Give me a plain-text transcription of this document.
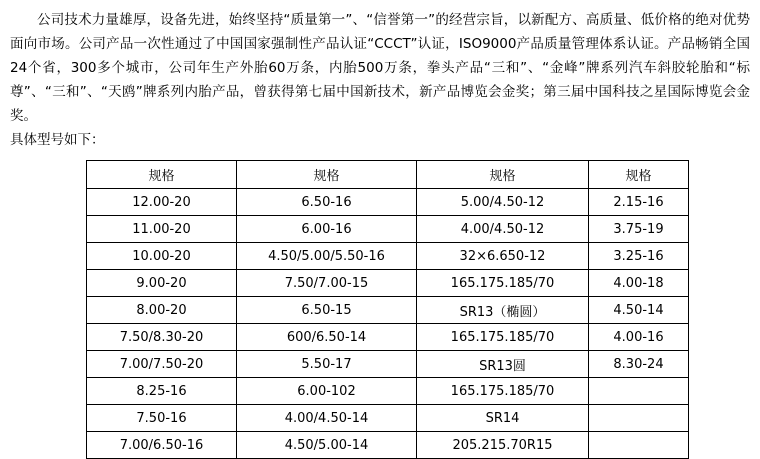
公司技术力量雄厚，设备先进，始终坚持“质量第一”、“信誉第一”的经营宗旨，以新配方、高质量、低价格的绝对优势面向市场。公司产品一次性通过了中国国家强制性产品认证“CCCT”认证，ISO9000产品质量管理体系认证。产品畅销全国24个省，300多个城市，公司年生产外胎60万条，内胎500万条，拳头产品“三和”、“金峰”牌系列汽车斜胶轮胎和“标尊”、“三和”、“天鸥”牌系列内胎产品，曾获得第七届中国新技术，新产品博览会金奖；第三届中国科技之星国际博览会金奖。

具体型号如下：

规格	规格	规格	规格
12.00-20	6.50-16	5.00/4.50-12	2.15-16
11.00-20	6.00-16	4.00/4.50-12	3.75-19
10.00-20	4.50/5.00/5.50-16	32×6.650-12	3.25-16
9.00-20	7.50/7.00-15	165.175.185/70	4.00-18
8.00-20	6.50-15	SR13（椭圆）	4.50-14
7.50/8.30-20	600/6.50-14	165.175.185/70	4.00-16
7.00/7.50-20	5.50-17	SR13圆	8.30-24
8.25-16	6.00-102	165.175.185/70	
7.50-16	4.00/4.50-14	SR14	
7.00/6.50-16	4.50/5.00-14	205.215.70R15	
